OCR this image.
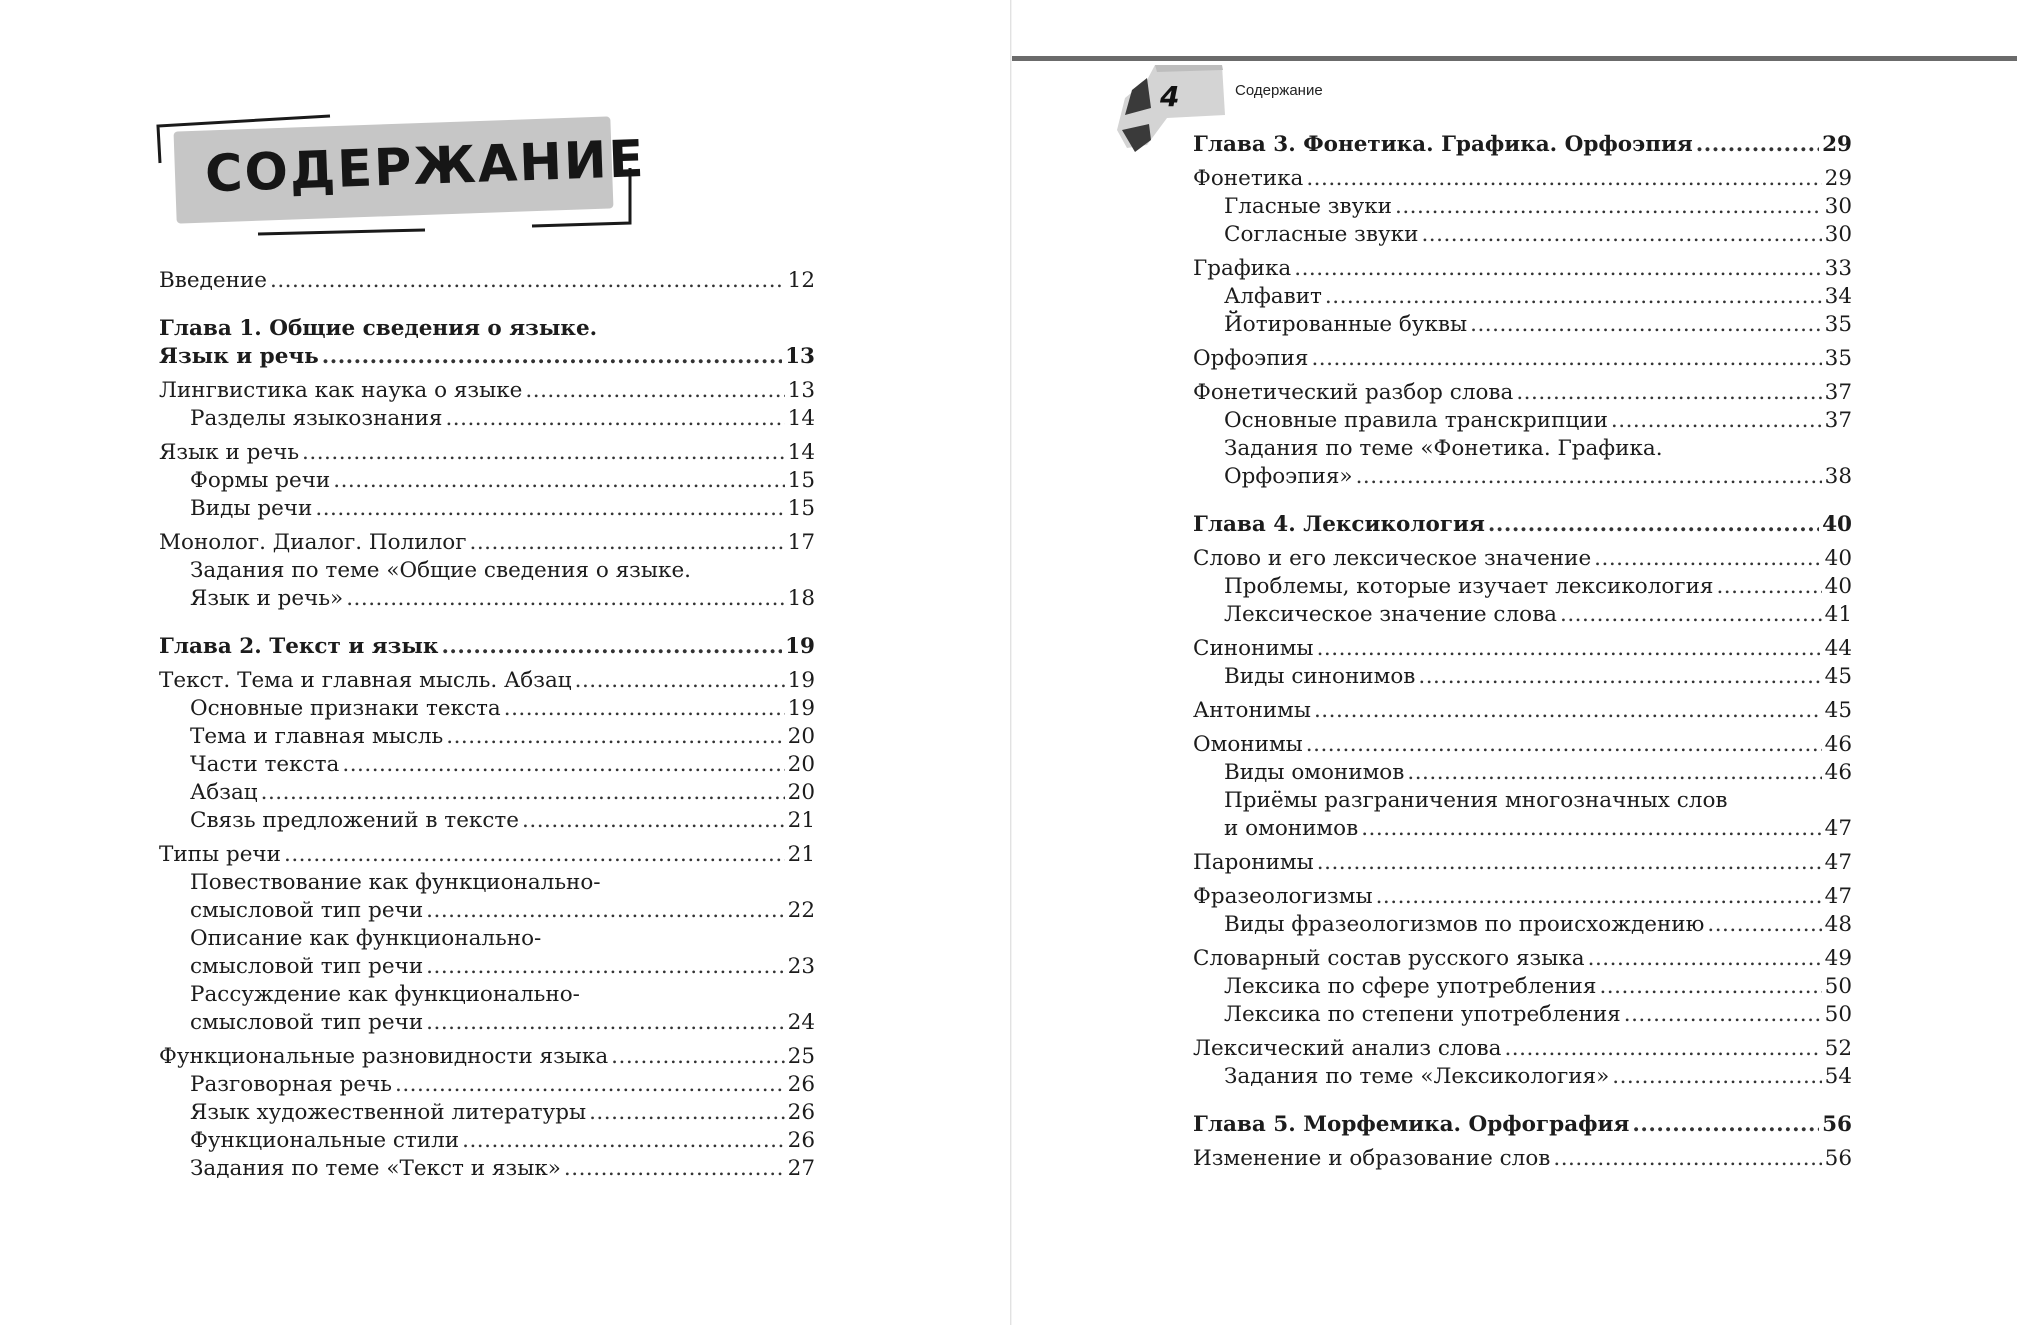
СОДЕРЖАНИЕ
Введение .....	12
Глава 1. Общие сведения о языке.
Язык и речь .....	13
Лингвистика как наука о языке .....	13
Разделы языкознания .....	14
Язык и речь .....	14
Формы речи .....	15
Виды речи .....	15
Монолог. Диалог. Полилог .....	17
Задания по теме «Общие сведения о языке.
Язык и речь» .....	18
Глава 2. Текст и язык .....	19
Текст. Тема и главная мысль. Абзац .....	19
Основные признаки текста .....	19
Тема и главная мысль .....	20
Части текста .....	20
Абзац .....	20
Связь предложений в тексте .....	21
Типы речи .....	21
Повествование как функционально-
смысловой тип речи .....	22
Описание как функционально-
смысловой тип речи .....	23
Рассуждение как функционально-
смысловой тип речи .....	24
Функциональные разновидности языка .....	25
Разговорная речь .....	26
Язык художественной литературы .....	26
Функциональные стили .....	26
Задания по теме «Текст и язык» .....	27
4	Содержание
Глава 3. Фонетика. Графика. Орфоэпия .....	29
Фонетика .....	29
Гласные звуки .....	30
Согласные звуки .....	30
Графика .....	33
Алфавит .....	34
Йотированные буквы .....	35
Орфоэпия .....	35
Фонетический разбор слова .....	37
Основные правила транскрипции .....	37
Задания по теме «Фонетика. Графика.
Орфоэпия» .....	38
Глава 4. Лексикология .....	40
Слово и его лексическое значение .....	40
Проблемы, которые изучает лексикология .....	40
Лексическое значение слова .....	41
Синонимы .....	44
Виды синонимов .....	45
Антонимы .....	45
Омонимы .....	46
Виды омонимов .....	46
Приёмы разграничения многозначных слов
и омонимов .....	47
Паронимы .....	47
Фразеологизмы .....	47
Виды фразеологизмов по происхождению .....	48
Словарный состав русского языка .....	49
Лексика по сфере употребления .....	50
Лексика по степени употребления .....	50
Лексический анализ слова .....	52
Задания по теме «Лексикология» .....	54
Глава 5. Морфемика. Орфография .....	56
Изменение и образование слов .....	56
